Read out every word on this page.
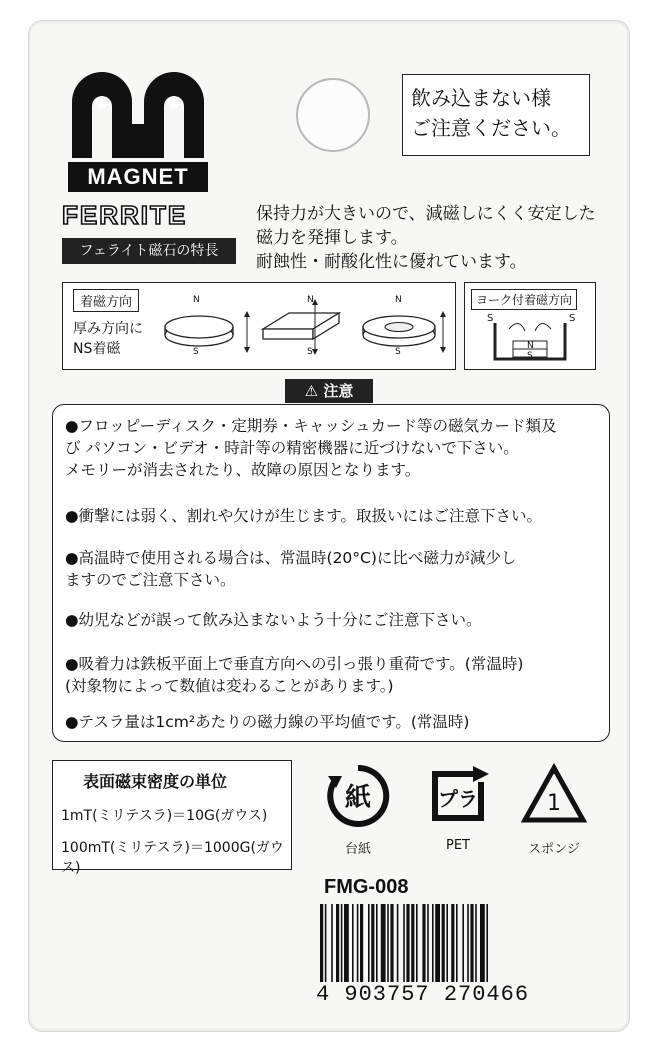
MAGNET
FERRITE
フェライト磁石の特長
飲み込まない様
ご注意ください。
保持力が大きいので、減磁しにくく安定した
磁力を発揮します。
耐蝕性・耐酸化性に優れています。
着磁方向
厚み方向に
NS着磁
N
S
N
S
N
S
ヨーク付着磁方向
S	S
N
S
⚠ 注意
●フロッピーディスク・定期券・キャッシュカード等の磁気カード類及
び パソコン・ビデオ・時計等の精密機器に近づけないで下さい。
メモリーが消去されたり、故障の原因となります。
●衝撃には弱く、割れや欠けが生じます。取扱いにはご注意下さい。
●高温時で使用される場合は、常温時(20°C)に比べ磁力が減少し
ますのでご注意下さい。
●幼児などが誤って飲み込まないよう十分にご注意下さい。
●吸着力は鉄板平面上で垂直方向への引っ張り重荷です。(常温時)
(対象物によって数値は変わることがあります。)
●テスラ量は1cm²あたりの磁力線の平均値です。(常温時)
表面磁束密度の単位
1mT(ミリテスラ)＝10G(ガウス)
100mT(ミリテスラ)＝1000G(ガウス)
紙
台紙
プラ
PET
1
スポンジ
FMG-008
4 903757 270466
